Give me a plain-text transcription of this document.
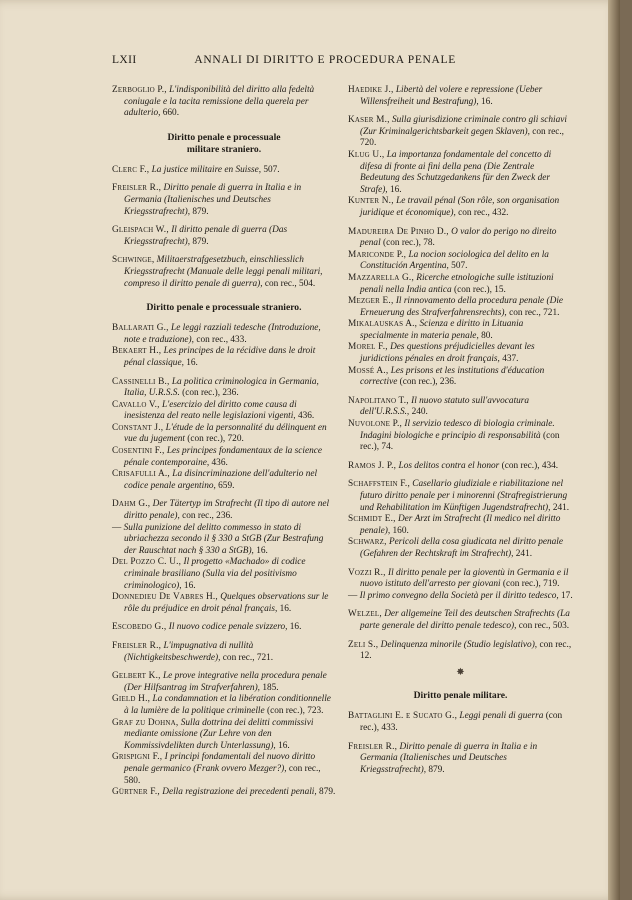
LXII	ANNALI DI DIRITTO E PROCEDURA PENALE

Zerboglio P., L'indisponibilità del diritto alla fedeltà coniugale e la tacita remissione della querela per adulterio, 660.

Diritto penale e processuale militare straniero.

Clerc F., La justice militaire en Suisse, 507.

Freisler R., Diritto penale di guerra in Italia e in Germania (Italienisches und Deutsches Kriegsstrafrecht), 879.

Gleispach W., Il diritto penale di guerra (Das Kriegsstrafrecht), 879.

Schwinge, Militaerstrafgesetzbuch, einschliesslich Kriegsstrafrecht (Manuale delle leggi penali militari, compreso il diritto penale di guerra), con rec., 504.

Diritto penale e processuale straniero.

Ballarati G., Le leggi razziali tedesche (Introduzione, note e traduzione), con rec., 433.

Bekaert H., Les principes de la récidive dans le droit pénal classique, 16.

Cassinelli B., La politica criminologica in Germania, Italia, U.R.S.S. (con rec.), 236.

Cavallo V., L'esercizio del diritto come causa di inesistenza del reato nelle legislazioni vigenti, 436.

Constant J., L'étude de la personnalité du délinquent en vue du jugement (con rec.), 720.

Cosentini F., Les principes fondamentaux de la science pénale contemporaine, 436.

Crisafulli A., La disincriminazione dell'adulterio nel codice penale argentino, 659.

Dahm G., Der Tätertyp im Strafrecht (Il tipo di autore nel diritto penale), con rec., 236.

— Sulla punizione del delitto commesso in stato di ubriachezza secondo il § 330 a StGB (Zur Bestrafung der Rauschtat nach § 330 a StGB), 16.

Del Pozzo C. U., Il progetto «Machado» di codice criminale brasiliano (Sulla via del positivismo criminologico), 16.

Donnedieu De Vabres H., Quelques observations sur le rôle du préjudice en droit pénal français, 16.

Escobedo G., Il nuovo codice penale svizzero, 16.

Freisler R., L'impugnativa di nullità (Nichtigkeitsbeschwerde), con rec., 721.

Gelbert K., Le prove integrative nella procedura penale (Der Hilfsantrag im Strafverfahren), 185.

Gield H., La condamnation et la libération conditionnelle à la lumière de la politique criminelle (con rec.), 723.

Graf zu Dohna, Sulla dottrina dei delitti commissivi mediante omissione (Zur Lehre von den Kommissivdelikten durch Unterlassung), 16.

Grispigni F., I principi fondamentali del nuovo diritto penale germanico (Frank ovvero Mezger?), con rec., 580.

Gürtner F., Della registrazione dei precedenti penali, 879.

Haedike J., Libertà del volere e repressione (Ueber Willensfreiheit und Bestrafung), 16.

Kaser M., Sulla giurisdizione criminale contro gli schiavi (Zur Kriminalgerichtsbarkeit gegen Sklaven), con rec., 720.

Klug U., La importanza fondamentale del concetto di difesa di fronte ai fini della pena (Die Zentrale Bedeutung des Schutzgedankens für den Zweck der Strafe), 16.

Kunter N., Le travail pénal (Son rôle, son organisation juridique et économique), con rec., 432.

Madureira De Pinho D., O valor do perigo no direito penal (con rec.), 78.

Mariconde P., La nocion sociologica del delito en la Constitución Argentina, 507.

Mazzarella G., Ricerche etnologiche sulle istituzioni penali nella India antica (con rec.), 15.

Mezger E., Il rinnovamento della procedura penale (Die Erneuerung des Strafverfahrensrechts), con rec., 721.

Mikalauskas A., Scienza e diritto in Lituania specialmente in materia penale, 80.

Morel F., Des questions préjudicielles devant les juridictions pénales en droit français, 437.

Mossé A., Les prisons et les institutions d'éducation corrective (con rec.), 236.

Napolitano T., Il nuovo statuto sull'avvocatura dell'U.R.S.S., 240.

Nuvolone P., Il servizio tedesco di biologia criminale. Indagini biologiche e principio di responsabilità (con rec.), 74.

Ramos J. P., Los delitos contra el honor (con rec.), 434.

Schaffstein F., Casellario giudiziale e riabilitazione nel futuro diritto penale per i minorenni (Strafregistrierung und Rehabilitation im Künftigen Jugendstrafrecht), 241.

Schmidt E., Der Arzt im Strafrecht (Il medico nel diritto penale), 160.

Schwarz, Pericoli della cosa giudicata nel diritto penale (Gefahren der Rechtskraft im Strafrecht), 241.

Vozzi R., Il diritto penale per la gioventù in Germania e il nuovo istituto dell'arresto per giovani (con rec.), 719.

— Il primo convegno della Società per il diritto tedesco, 17.

Welzel, Der allgemeine Teil des deutschen Strafrechts (La parte generale del diritto penale tedesco), con rec., 503.

Zeli S., Delinquenza minorile (Studio legislativo), con rec., 12.

✸
Diritto penale militare.

Battaglini E. e Sucato G., Leggi penali di guerra (con rec.), 433.

Freisler R., Diritto penale di guerra in Italia e in Germania (Italienisches und Deutsches Kriegsstrafrecht), 879.
